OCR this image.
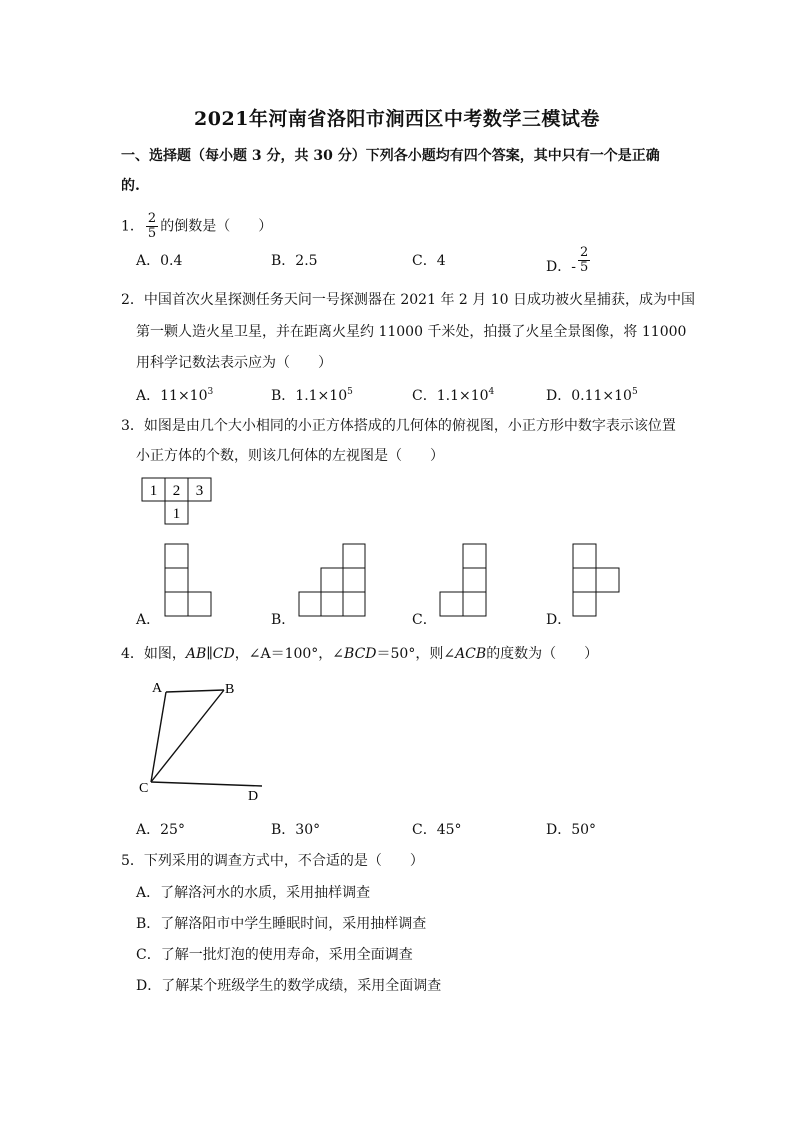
2021年河南省洛阳市涧西区中考数学三模试卷
一、选择题（每小题 3 分，共 30 分）下列各小题均有四个答案，其中只有一个是正确
的.
1． $\frac{2}{5}$ 的倒数是（　　）
A．0.4	B．2.5	C．4	D．- $\frac{2}{5}$
2．中国首次火星探测任务天问一号探测器在 2021 年 2 月 10 日成功被火星捕获，成为中国
第一颗人造火星卫星，并在距离火星约 11000 千米处，拍摄了火星全景图像，将 11000
用科学记数法表示应为（　　）
A．$11\times 10^3$	B．$1.1\times 10^5$	C．$1.1\times 10^4$	D．$0.11\times 10^5$
3．如图是由几个大小相同的小正方体搭成的几何体的俯视图，小正方形中数字表示该位置
小正方体的个数，则该几何体的左视图是（　　）
1 2 3
1
A．	B．	C．	D．
4．如图，AB∥CD，∠A＝100°，∠BCD＝50°，则∠ACB的度数为（　　）
A	B
C
D
A．25°	B．30°	C．45°	D．50°
5．下列采用的调查方式中，不合适的是（　　）
A．了解洛河水的水质，采用抽样调查
B．了解洛阳市中学生睡眠时间，采用抽样调查
C．了解一批灯泡的使用寿命，采用全面调查
D．了解某个班级学生的数学成绩，采用全面调查
